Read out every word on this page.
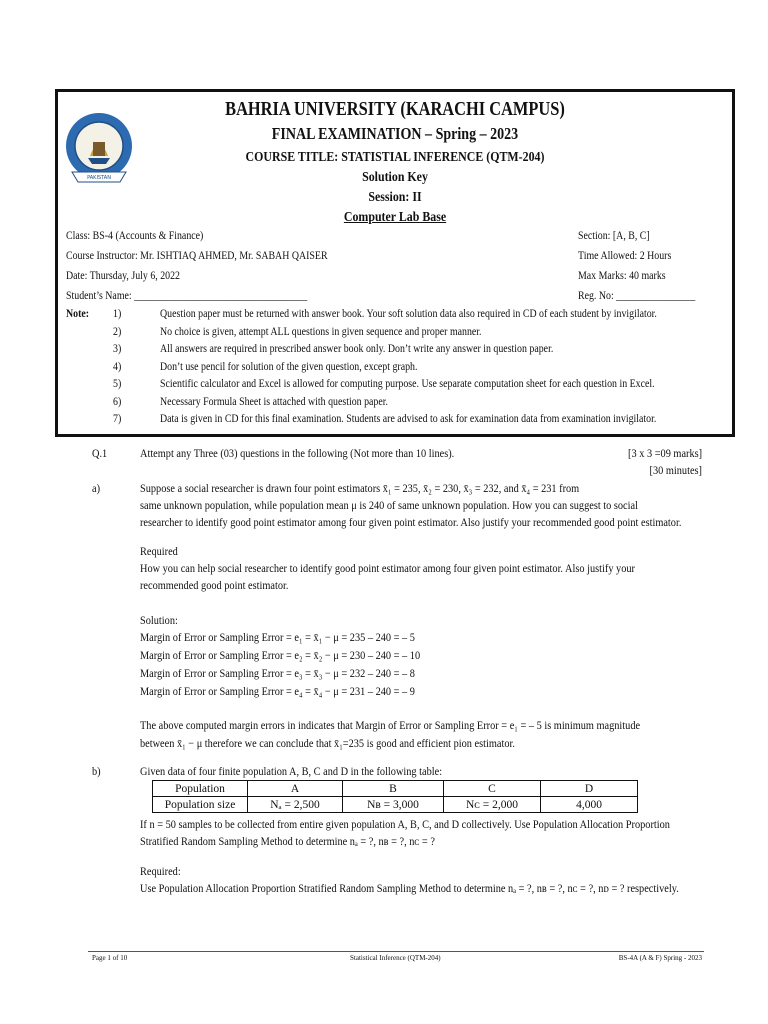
PAKISTAN
BAHRIA UNIVERSITY (KARACHI CAMPUS)
FINAL EXAMINATION – Spring – 2023
COURSE TITLE: STATISTIAL INFERENCE (QTM-204)
Solution Key
Session: II
Computer Lab Base
Class: BS-4 (Accounts & Finance)	Section: [A, B, C]
Course Instructor: Mr. ISHTIAQ AHMED, Mr. SABAH QAISER	Time Allowed: 2 Hours
Date: Thursday, July 6, 2022	Max Marks: 40 marks
Student’s Name: ___________________________________	Reg. No: ________________
Note: 1)	Question paper must be returned with answer book. Your soft solution data also required in CD of each student by invigilator.
2)	No choice is given, attempt ALL questions in given sequence and proper manner.
3)	All answers are required in prescribed answer book only. Don’t write any answer in question paper.
4)	Don’t use pencil for solution of the given question, except graph.
5)	Scientific calculator and Excel is allowed for computing purpose. Use separate computation sheet for each question in Excel.
6)	Necessary Formula Sheet is attached with question paper.
7)	Data is given in CD for this final examination. Students are advised to ask for examination data from examination invigilator.
Q.1	Attempt any Three (03) questions in the following (Not more than 10 lines).	[3 x 3 =09 marks]
[30 minutes]
a)	Suppose a social researcher is drawn four point estimators x̄₁ = 235, x̄₂ = 230, x̄₃ = 232, and x̄₄ = 231 from
same unknown population, while population mean μ is 240 of same unknown population. How you can suggest to social
researcher to identify good point estimator among four given point estimator. Also justify your recommended good point estimator.
Required
How you can help social researcher to identify good point estimator among four given point estimator. Also justify your
recommended good point estimator.
Solution:
Margin of Error or Sampling Error = e₁ = x̄₁ − μ = 235 – 240 = – 5
Margin of Error or Sampling Error = e₂ = x̄₂ − μ = 230 – 240 = – 10
Margin of Error or Sampling Error = e₃ = x̄₃ − μ = 232 – 240 = – 8
Margin of Error or Sampling Error = e₄ = x̄₄ − μ = 231 – 240 = – 9
The above computed margin errors in indicates that Margin of Error or Sampling Error = e₁ = – 5 is minimum magnitude
between x̄₁ − μ therefore we can conclude that x̄₁=235 is good and efficient pion estimator.
b)	Given data of four finite population A, B, C and D in the following table:
Population	A	B	C	D
Population size	Nₐ = 2,500	Nʙ = 3,000	Nᴄ = 2,000	4,000
If n = 50 samples to be collected from entire given population A, B, C, and D collectively. Use Population Allocation Proportion
Stratified Random Sampling Method to determine nₐ = ?, nʙ = ?, nᴄ = ?
Required:
Use Population Allocation Proportion Stratified Random Sampling Method to determine nₐ = ?, nʙ = ?, nᴄ = ?, nᴅ = ? respectively.
Page 1 of 10	Statistical Inference (QTM-204)	BS-4A (A & F) Spring - 2023
